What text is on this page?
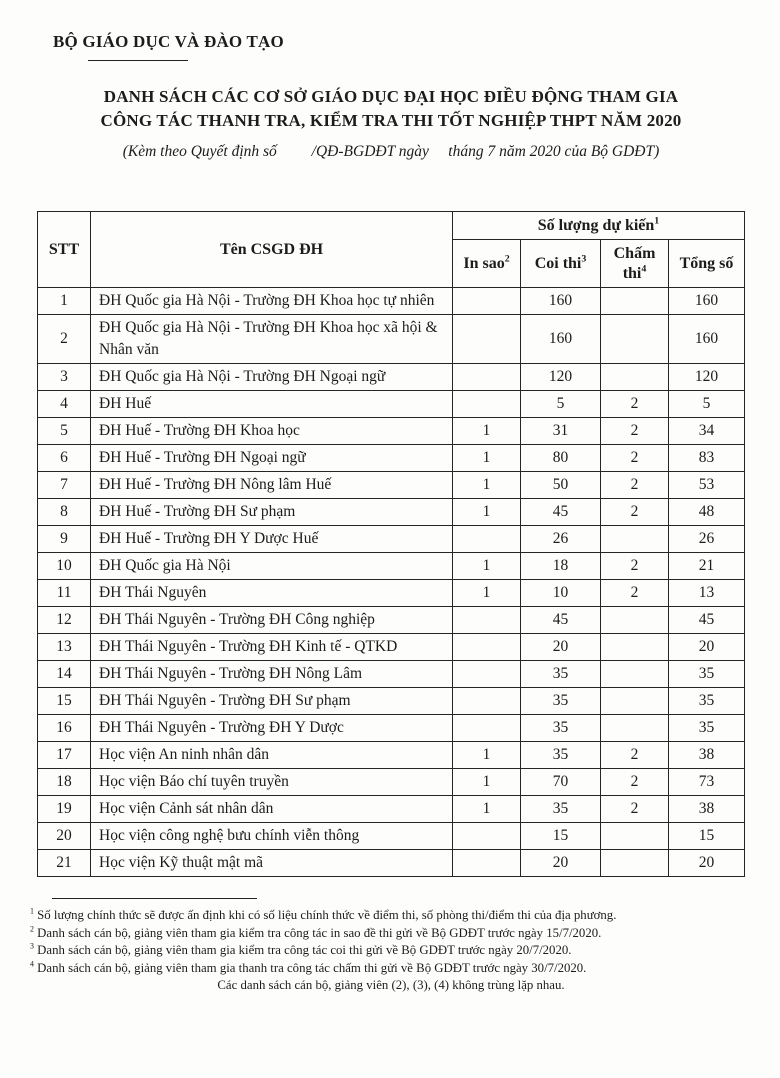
BỘ GIÁO DỤC VÀ ĐÀO TẠO
DANH SÁCH CÁC CƠ SỞ GIÁO DỤC ĐẠI HỌC ĐIỀU ĐỘNG THAM GIA
CÔNG TÁC THANH TRA, KIỂM TRA THI TỐT NGHIỆP THPT NĂM 2020
(Kèm theo Quyết định số         /QĐ-BGDĐT ngày     tháng 7 năm 2020 của Bộ GDĐT)
STT	Tên CSGD ĐH	Số lượng dự kiến$^1$
		In sao$^2$	Coi thi$^3$	Chấm thi$^4$	Tổng số
1	ĐH Quốc gia Hà Nội - Trường ĐH Khoa học tự nhiên		160		160
2	ĐH Quốc gia Hà Nội - Trường ĐH Khoa học xã hội & Nhân văn		160		160
3	ĐH Quốc gia Hà Nội - Trường ĐH Ngoại ngữ		120		120
4	ĐH Huế		5	2	5
5	ĐH Huế - Trường ĐH Khoa học	1	31	2	34
6	ĐH Huế - Trường ĐH Ngoại ngữ	1	80	2	83
7	ĐH Huế - Trường ĐH Nông lâm Huế	1	50	2	53
8	ĐH Huế - Trường ĐH Sư phạm	1	45	2	48
9	ĐH Huế - Trường ĐH Y Dược Huế		26		26
10	ĐH Quốc gia Hà Nội	1	18	2	21
11	ĐH Thái Nguyên	1	10	2	13
12	ĐH Thái Nguyên - Trường ĐH Công nghiệp		45		45
13	ĐH Thái Nguyên - Trường ĐH Kinh tế - QTKD		20		20
14	ĐH Thái Nguyên - Trường ĐH Nông Lâm		35		35
15	ĐH Thái Nguyên - Trường ĐH Sư phạm		35		35
16	ĐH Thái Nguyên - Trường ĐH Y Dược		35		35
17	Học viện An ninh nhân dân	1	35	2	38
18	Học viện Báo chí tuyên truyền	1	70	2	73
19	Học viện Cảnh sát nhân dân	1	35	2	38
20	Học viện công nghệ bưu chính viễn thông		15		15
21	Học viện Kỹ thuật mật mã		20		20
$^1$ Số lượng chính thức sẽ được ấn định khi có số liệu chính thức về điểm thi, số phòng thi/điểm thi của địa phương.
$^2$ Danh sách cán bộ, giảng viên tham gia kiểm tra công tác in sao đề thi gửi về Bộ GDĐT trước ngày 15/7/2020.
$^3$ Danh sách cán bộ, giảng viên tham gia kiểm tra công tác coi thi gửi về Bộ GDĐT trước ngày 20/7/2020.
$^4$ Danh sách cán bộ, giảng viên tham gia thanh tra công tác chấm thi gửi về Bộ GDĐT trước ngày 30/7/2020.
Các danh sách cán bộ, giảng viên (2), (3), (4) không trùng lặp nhau.
